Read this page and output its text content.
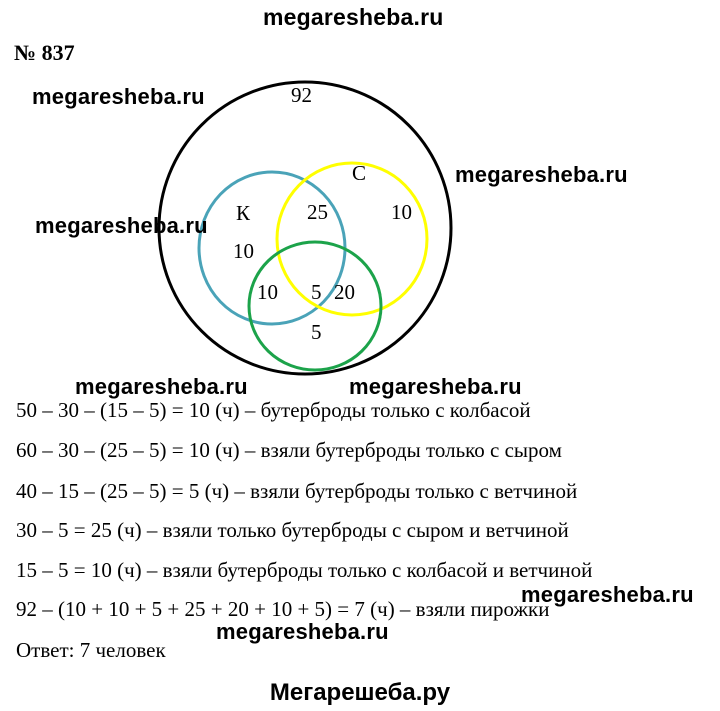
megaresheba.ru
№ 837
92
К
С
10
25	10
10 5 20
5
megaresheba.ru
megaresheba.ru
megaresheba.ru
megaresheba.ru	megaresheba.ru
megaresheba.ru
megaresheba.ru
50 – 30 – (15 – 5) = 10 (ч) – бутерброды только с колбасой
60 – 30 – (25 – 5) = 10 (ч) – взяли бутерброды только с сыром
40 – 15 – (25 – 5) = 5 (ч) – взяли бутерброды только с ветчиной
30 – 5 = 25 (ч) – взяли только бутерброды с сыром и ветчиной
15 – 5 = 10 (ч) – взяли бутерброды только с колбасой и ветчиной
92 – (10 + 10 + 5 + 25 + 20 + 10 + 5) = 7 (ч) – взяли пирожки
Ответ: 7 человек
Мегарешеба.ру
